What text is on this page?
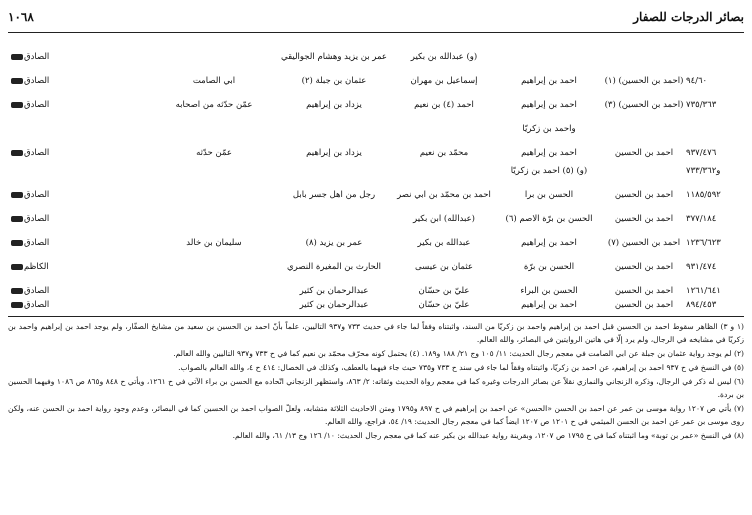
بصائر الدرجات للصفار
١٠٦٨
(و) عبدالله بن بكير
عمر بن يزيد وهشام الجواليقي
الصادق
٩٤/٦٠
(احمد بن الحسين) (١)
احمد بن إبراهيم
إسماعيل بن مهران
عثمان بن جبلة (٢)
ابي الصامت
الصادق
٧٣٥/٣٦٣
(احمد بن الحسين) (٣)
احمد بن إبراهيم
احمد (٤) بن نعيم
يزداد بن إبراهيم
عمّن حدّثه من اصحابه
الصادق
واحمد بن زكريّا
٩٣٧/٤٧٦
احمد بن الحسين
احمد بن إبراهيم
محمّد بن نعيم
يزداد بن إبراهيم
عمّن حدّثه
الصادق
و٧٣٣/٣٦٢
(و) (٥) احمد بن زكريّا
١١٨٥/٥٩٢
احمد بن الحسين
الحسن بن برا
احمد بن محمّد بن ابي نصر
رجل من اهل جسر بابل
الصادق
٣٧٧/١٨٤
احمد بن الحسين
الحسن بن برّة الاصم (٦)
(عبدالله) ابن بكير
الصادق
١٢٣٦/٦٢٣
احمد بن الحسين (٧)
احمد بن إبراهيم
عبدالله بن بكير
عمر بن يزيد (٨)
سليمان بن خالد
الصادق
٩٣١/٤٧٤
احمد بن الحسين
الحسن بن برّة
عثمان بن عيسى
الحارث بن المغيرة النصري
الكاظم
١٢٦١/٦٤١
احمد بن الحسين
الحسن بن البراء
عليّ بن حسّان
عبدالرحمان بن كثير
الصادق
٨٩٤/٤٥٣
احمد بن الحسين
احمد بن إبراهيم
عليّ بن حسّان
عبدالرحمان بن كثير
الصادق

(١ و ٣) الظاهر سقوط احمد بن الحسين قبل احمد بن إبراهيم واحمد بن زكريّا من السند، واثبتناه وفقاً لما جاء في حديث ٧٣٣ و٩٣٧ التاليين، علماً بأنّ احمد بن الحسين بن سعيد من مشايخ الصفّار، ولم يوجد احمد بن إبراهيم واحمد بن زكريّا في مشايخه في الرجال، ولم يرد إلّا في هاتين الروايتين في البصائر، والله العالم.

(٢) لم يوجد رواية عثمان بن جبلة عن ابي الصامت في معجم رجال الحديث: ١١/ ١٠٥ وج ٢١/ ١٨٨ و١٨٩. (٤) يحتمل كونه محرّف محمّد بن نعيم كما في ح ٧٣٣ و٩٣٧ التاليين والله العالم.

(٥) في النسخ في ح ٩٣٧ احمد بن إبراهيم، عن احمد بن زكريّا، واثبتناه وفقاً لما جاء في سند ح ٧٣٣ و٧٣٥ حيث جاء فيهما بالعطف، وكذلك في الخصال: ٤١٤ ح ٤، والله العالم بالصواب.

(٦) ليس له ذكر في الرجال، وذكره الزنجاني والنمازي نقلاً عن بصائر الدرجات وغيره كما في معجم رواة الحديث وثقاته: ٢/ ٨٦٣، واستظهر الزنجاني اتّحاده مع الحسن بن براء الآتي في ح ١٢٦١، ويأتي ح ٨٤٨ و٨٦٥ ص ١٠٨٦ وفيهما الحسين بن بردة.

(٧) يأتي ص ١٢٠٧ رواية موسى بن عمر عن احمد بن الحسن «الحسن» عن احمد بن إبراهيم في ح ٨٩٧ و١٧٩٥ ومتن الاحاديث الثلاثة متشابه، ولعلّ الصواب احمد بن الحسين كما في البصائر، وعدم وجود رواية احمد بن الحسن عنه، ولكن روى موسى بن عمر عن احمد بن الحسن الميثمي في ح ١٢٠١ ص ١٢٠٧ ايضاً كما في معجم رجال الحديث: ١٩/ ٥٤، فراجع، والله العالم.

(٨) في النسخ «عمر بن توبة» وما اثبتناه كما في ح ١٧٩٥ ص ١٢٠٧، وبقرينة رواية عبدالله بن بكير عنه كما في معجم رجال الحديث: ١٠/ ١٢٦ وج ١٣/ ٦١، والله العالم.
